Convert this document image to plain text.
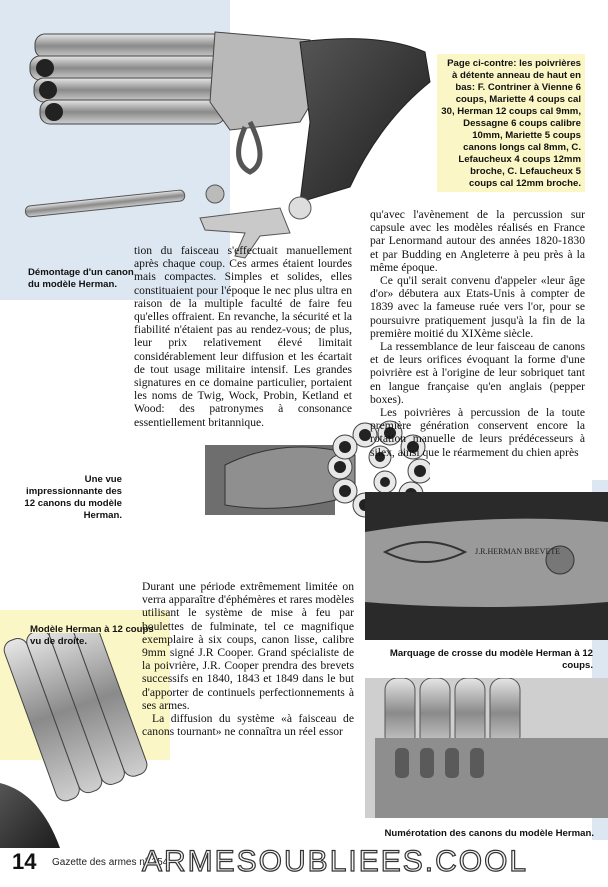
Page ci-contre: les poivrières à détente anneau de haut en bas: F. Contriner à Vienne 6 coups, Mariette 4 coups cal 30, Herman 12 coups cal 9mm, Dessagne 6 coups calibre 10mm, Mariette 5 coups canons longs cal 8mm, C. Lefaucheux 4 coups 12mm broche, C. Lefaucheux 5 coups cal 12mm broche.
Démontage d'un canon du modèle Herman.

tion du faisceau s'effectuait manuellement après chaque coup. Ces armes étaient lourdes mais compactes. Simples et solides, elles constituaient pour l'époque le nec plus ultra en raison de la multiple faculté de faire feu qu'elles offraient. En revanche, la sécurité et la fiabilité n'étaient pas au rendez-vous; de plus, leur prix relativement élevé limitait considérablement leur diffusion et les écartait de tout usage militaire intensif. Les grandes signatures en ce domaine particulier, portaient les noms de Twig, Wock, Probin, Ketland et Wood: des patronymes à consonance essentiellement britannique.

Une vue impressionnante des 12 canons du modèle Herman.

qu'avec l'avènement de la percussion sur capsule avec les modèles réalisés en France par Lenormand autour des années 1820-1830 et par Budding en Angleterre à peu près à la même époque.

Ce qu'il serait convenu d'appeler «leur âge d'or» débutera aux Etats-Unis à compter de 1839 avec la fameuse ruée vers l'or, pour se poursuivre pratiquement jusqu'à la fin de la première moitié du XIXème siècle.

La ressemblance de leur faisceau de canons et de leurs orifices évoquant la forme d'une poivrière est à l'origine de leur sobriquet tant en langue française qu'en anglais (pepper boxes).

Les poivrières à percussion de la toute première génération conservent encore la rotation manuelle de leurs prédécesseurs à silex, ainsi que le réarmement du chien après

J.R.HERMAN BREVETE
Marquage de crosse du modèle Herman à 12 coups.
Modèle Herman à 12 coups vu de droite.

Durant une période extrêmement limitée on verra apparaître d'éphémères et rares modèles utilisant le système de mise à feu par boulettes de fulminate, tel ce magnifique exemplaire à six coups, canon lisse, calibre 9mm signé J.R Cooper. Grand spécialiste de la poivrière, J.R. Cooper prendra des brevets successifs en 1840, 1843 et 1849 dans le but d'apporter de continuels perfectionnements à ses armes.

La diffusion du système «à faisceau de canons tournant» ne connaîtra un réel essor

Numérotation des canons du modèle Herman.
14 Gazette des armes n° 354
ARMESOUBLIEES.COOL
